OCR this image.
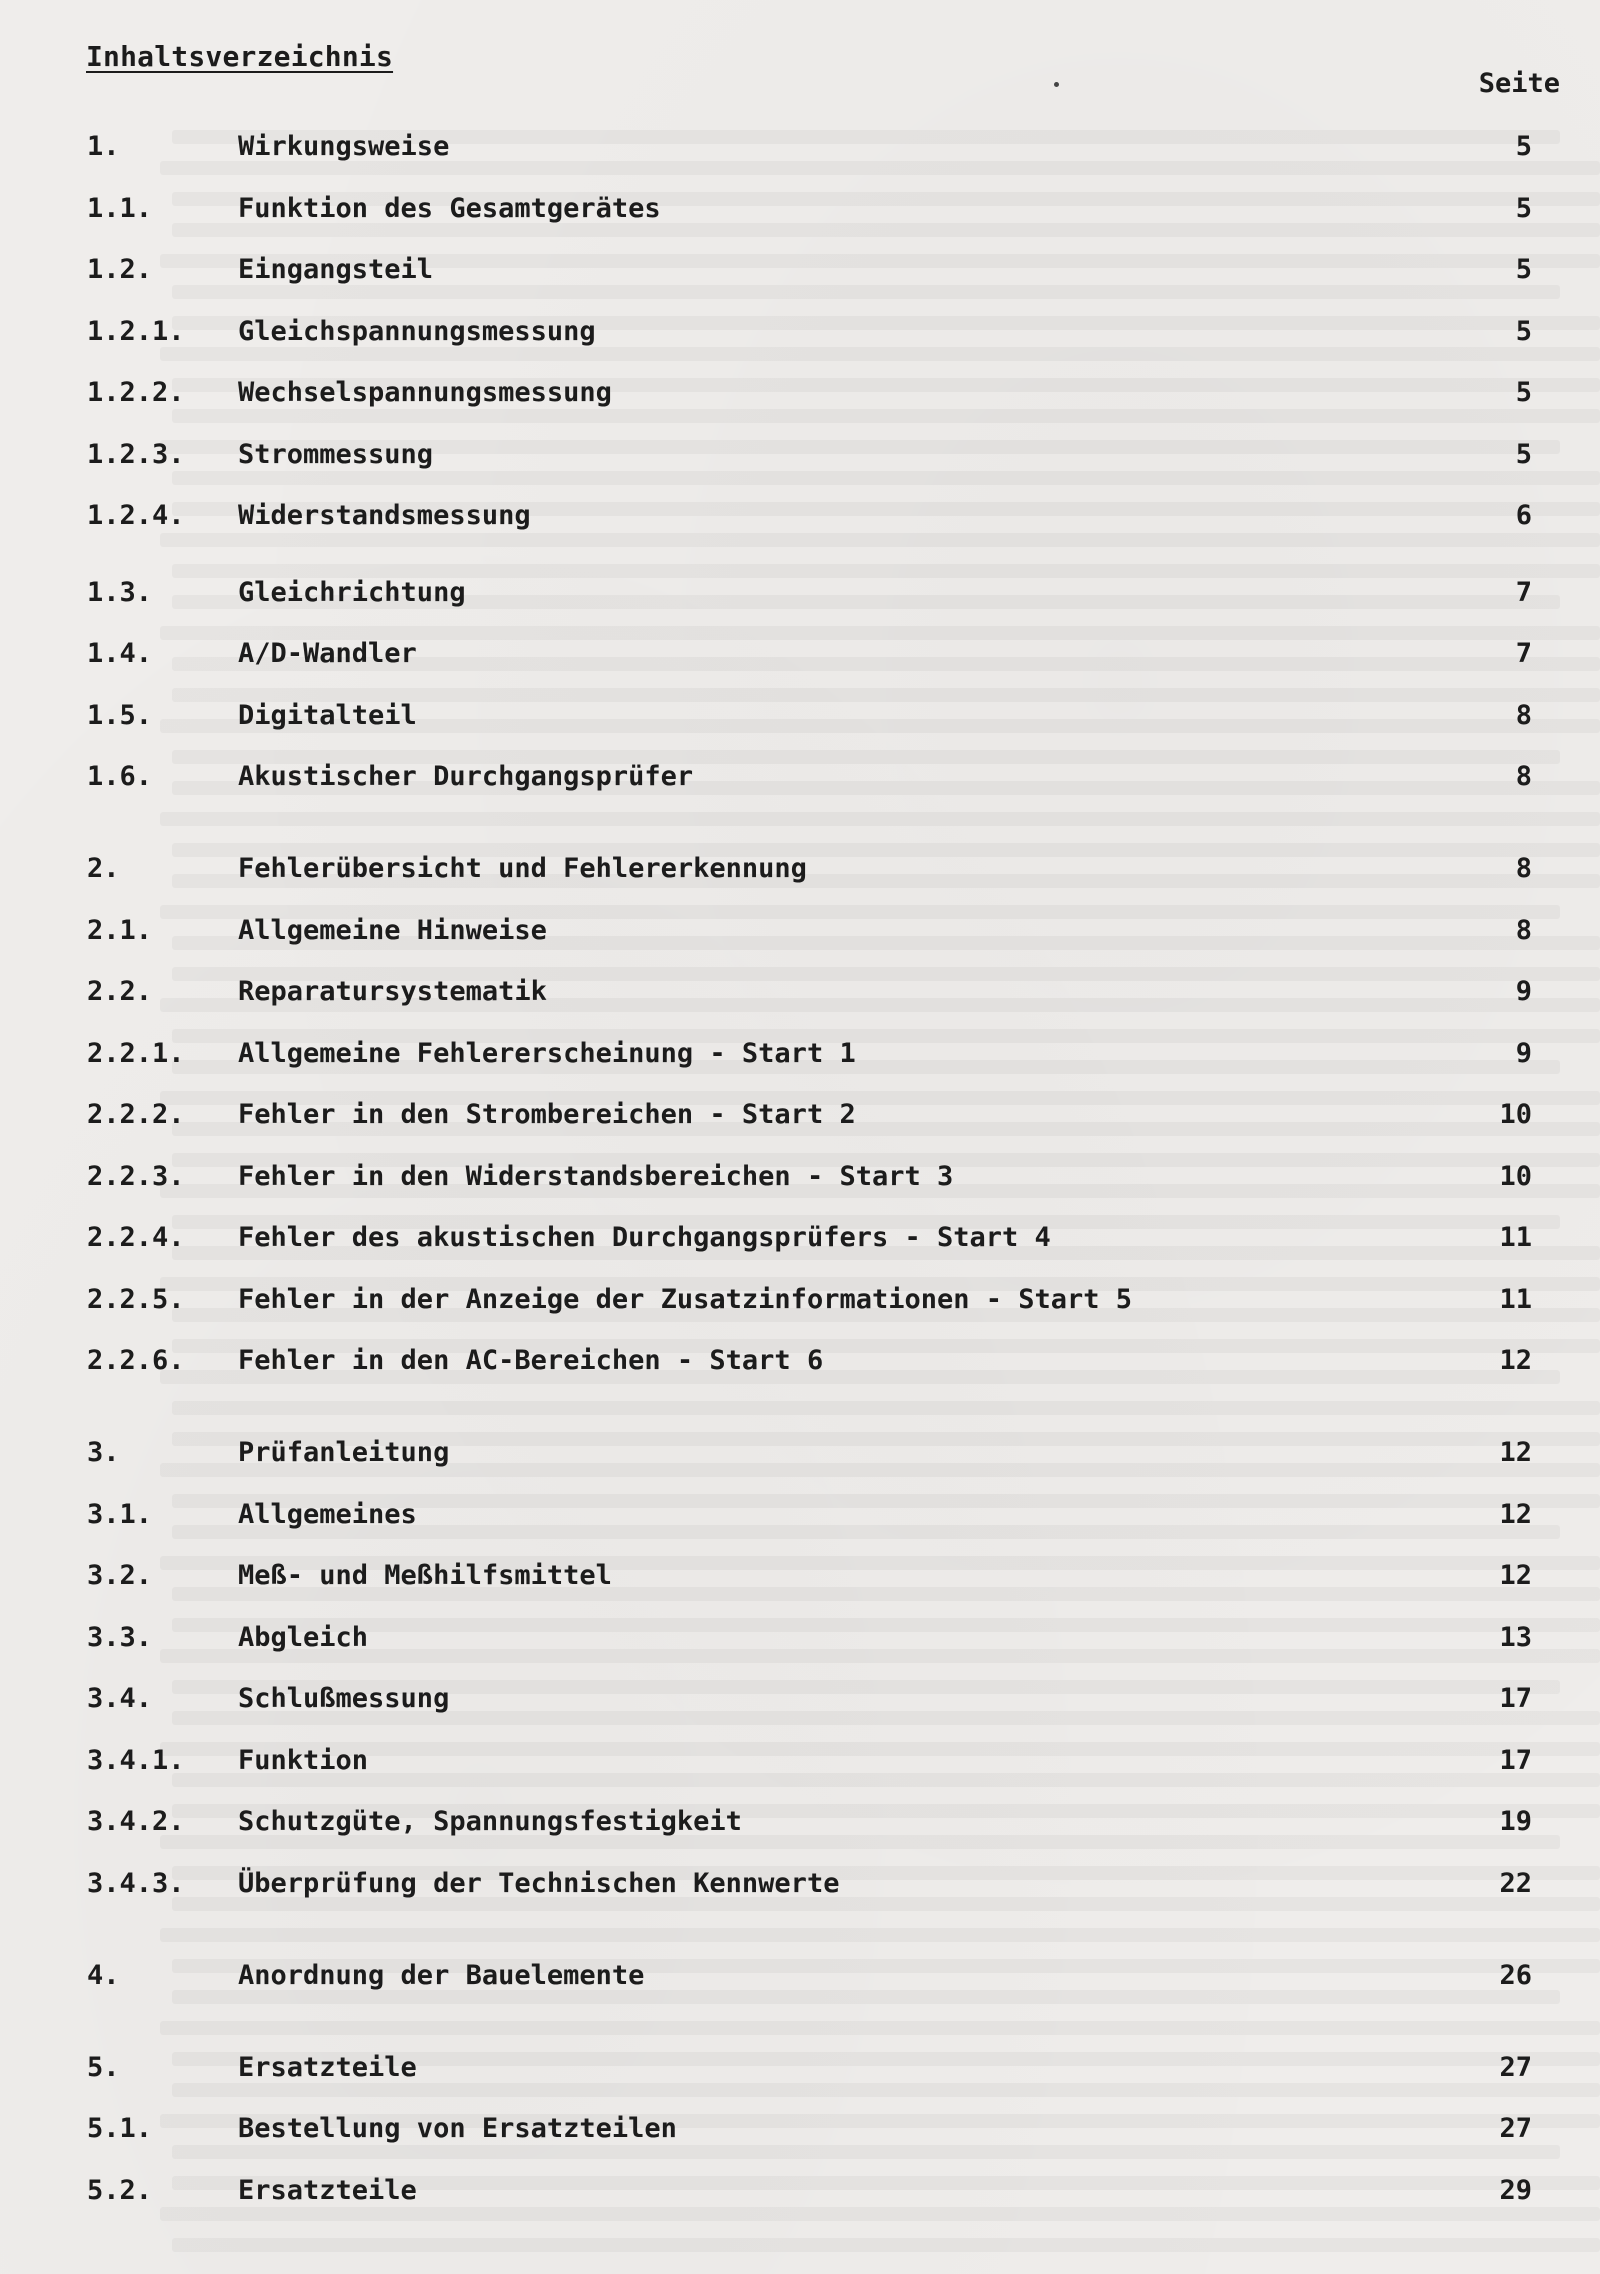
Inhaltsverzeichnis
Seite
1.	Wirkungsweise	5
1.1.	Funktion des Gesamtgerätes	5
1.2.	Eingangsteil	5
1.2.1. Gleichspannungsmessung	5
1.2.2. Wechselspannungsmessung	5
1.2.3. Strommessung	5
1.2.4. Widerstandsmessung	6
1.3.	Gleichrichtung	7
1.4.	A/D-Wandler	7
1.5.	Digitalteil	8
1.6.	Akustischer Durchgangsprüfer	8
2.	Fehlerübersicht und Fehlererkennung	8
2.1.	Allgemeine Hinweise	8
2.2.	Reparatursystematik	9
2.2.1. Allgemeine Fehlererscheinung - Start 1	9
2.2.2. Fehler in den Strombereichen - Start 2	10
2.2.3. Fehler in den Widerstandsbereichen - Start 3	10
2.2.4. Fehler des akustischen Durchgangsprüfers - Start 4	11
2.2.5. Fehler in der Anzeige der Zusatzinformationen - Start 5	11
2.2.6. Fehler in den AC-Bereichen - Start 6	12
3.	Prüfanleitung	12
3.1.	Allgemeines	12
3.2.	Meß- und Meßhilfsmittel	12
3.3.	Abgleich	13
3.4.	Schlußmessung	17
3.4.1. Funktion	17
3.4.2. Schutzgüte, Spannungsfestigkeit	19
3.4.3. Überprüfung der Technischen Kennwerte	22
4.	Anordnung der Bauelemente	26
5.	Ersatzteile	27
5.1.	Bestellung von Ersatzteilen	27
5.2.	Ersatzteile	29
